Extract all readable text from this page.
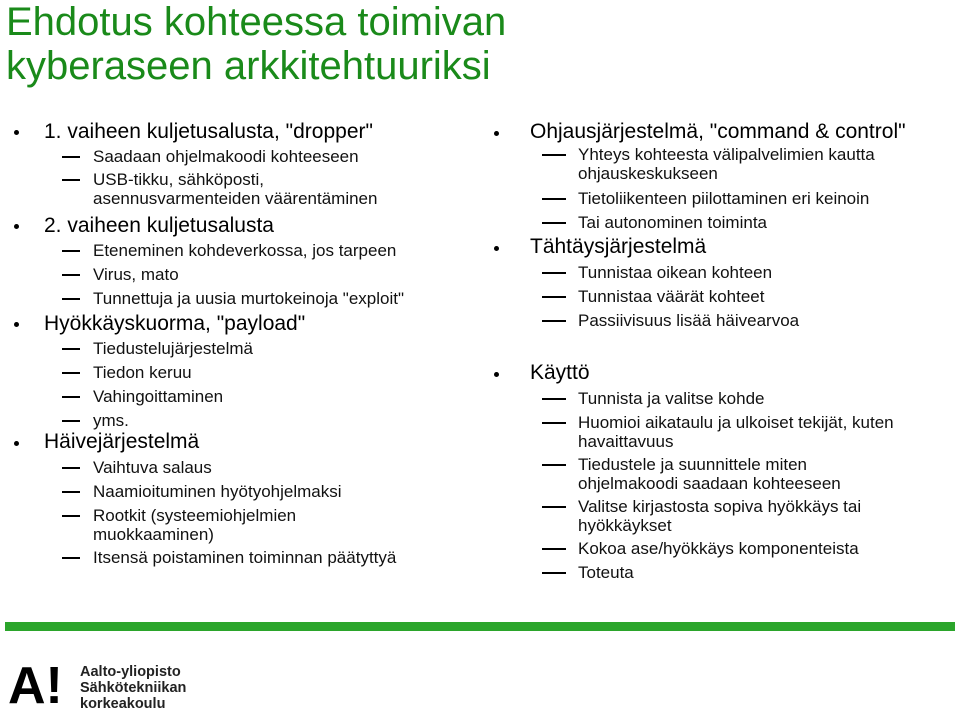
Ehdotus kohteessa toimivan
kyberaseen arkkitehtuuriksi
1. vaiheen kuljetusalusta, "dropper"
Saadaan ohjelmakoodi kohteeseen
USB-tikku, sähköposti,
asennusvarmenteiden väärentäminen
2. vaiheen kuljetusalusta
Eteneminen kohdeverkossa, jos tarpeen
Virus, mato
Tunnettuja ja uusia murtokeinoja "exploit"
Hyökkäyskuorma, "payload"
Tiedustelujärjestelmä
Tiedon keruu
Vahingoittaminen
yms.
Häivejärjestelmä
Vaihtuva salaus
Naamioituminen hyötyohjelmaksi
Rootkit (systeemiohjelmien
muokkaaminen)
Itsensä poistaminen toiminnan päätyttyä
Ohjausjärjestelmä, "command & control"
Yhteys kohteesta välipalvelimien kautta
ohjauskeskukseen
Tietoliikenteen piilottaminen eri keinoin
Tai autonominen toiminta
Tähtäysjärjestelmä
Tunnistaa oikean kohteen
Tunnistaa väärät kohteet
Passiivisuus lisää häivearvoa
Käyttö
Tunnista ja valitse kohde
Huomioi aikataulu ja ulkoiset tekijät, kuten
havaittavuus
Tiedustele ja suunnittele miten
ohjelmakoodi saadaan kohteeseen
Valitse kirjastosta sopiva hyökkäys tai
hyökkäykset
Kokoa ase/hyökkäys komponenteista
Toteuta
A! Aalto-yliopisto
Sähkötekniikan
korkeakoulu
